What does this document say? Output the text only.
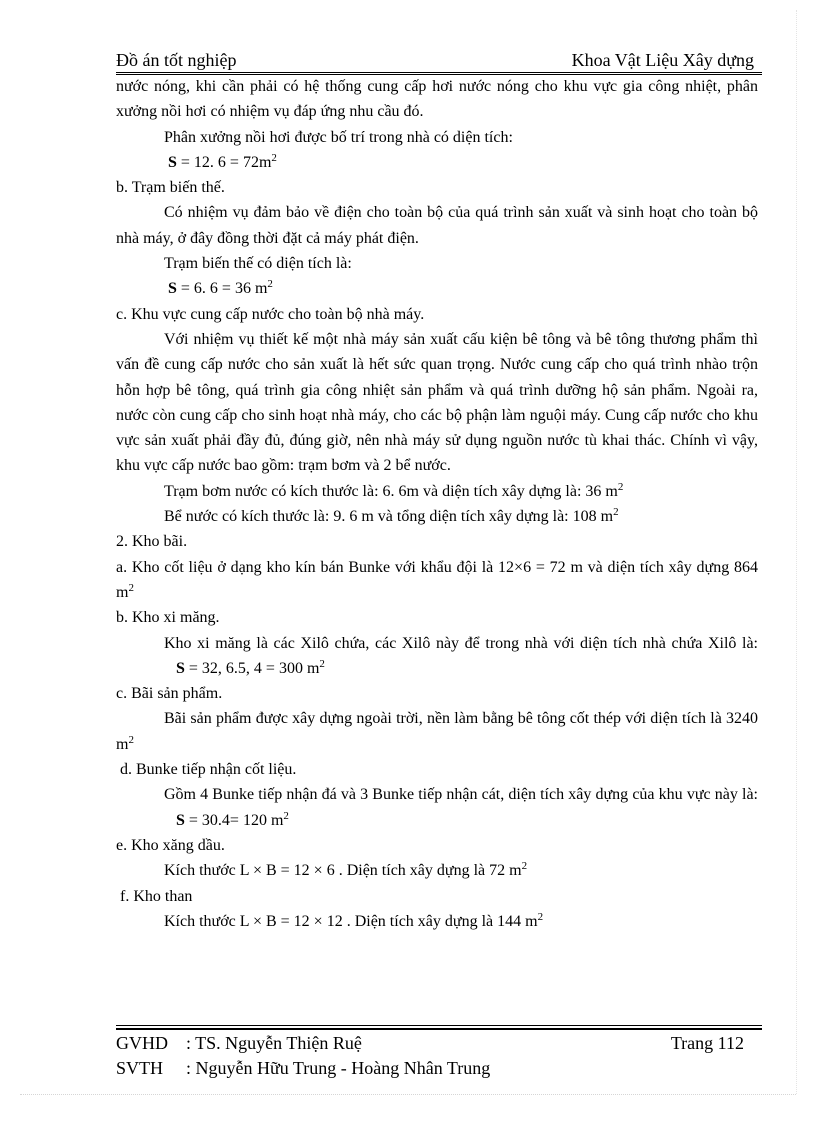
Đồ án tốt nghiệp	Khoa Vật Liệu Xây dựng

nước nóng, khi cần phải có hệ thống cung cấp hơi nước nóng cho khu vực gia công nhiệt, phân xưởng nồi hơi có nhiệm vụ đáp ứng nhu cầu đó.

Phân xưởng nồi hơi được bố trí trong nhà có diện tích:

S = 12. $6 = 72m^2$

b. Trạm biến thế.

Có nhiệm vụ đảm bảo về điện cho toàn bộ của quá trình sản xuất và sinh hoạt cho toàn bộ nhà máy, ở đây đồng thời đặt cả máy phát điện.

Trạm biến thế có diện tích là:

S = 6. 6 = 36 $m^2$

c. Khu vực cung cấp nước cho toàn bộ nhà máy.

Với nhiệm vụ thiết kế một nhà máy sản xuất cấu kiện bê tông và bê tông thương phẩm thì vấn đề cung cấp nước cho sản xuất là hết sức quan trọng. Nước cung cấp cho quá trình nhào trộn hỗn hợp bê tông, quá trình gia công nhiệt sản phẩm và quá trình dưỡng hộ sản phẩm. Ngoài ra, nước còn cung cấp cho sinh hoạt nhà máy, cho các bộ phận làm nguội máy. Cung cấp nước cho khu vực sản xuất phải đầy đủ, đúng giờ, nên nhà máy sử dụng nguồn nước tù khai thác. Chính vì vậy, khu vực cấp nước bao gồm: trạm bơm và 2 bể nước.

Trạm bơm nước có kích thước là: 6. 6m và diện tích xây dựng là: 36 $m^2$

Bể nước có kích thước là: 9. 6 m và tổng diện tích xây dựng là: 108 $m^2$

2. Kho bãi.

a. Kho cốt liệu ở dạng kho kín bán Bunke với khẩu đội là 12×6 = 72 m và diện tích xây dựng 864 $m^2$

b. Kho xi măng.

Kho xi măng là các Xilô chứa, các Xilô này để trong nhà với diện tích nhà chứa Xilô là:S = 32, 6.5, 4 = 300 $m^2$

c. Bãi sản phẩm.

Bãi sản phẩm được xây dựng ngoài trời, nền làm bằng bê tông cốt thép với diện tích là 3240 $m^2$

d. Bunke tiếp nhận cốt liệu.

Gồm 4 Bunke tiếp nhận đá và 3 Bunke tiếp nhận cát, diện tích xây dựng của khu vực này là:S = 30.4= 120 $m^2$

e. Kho xăng dầu.

Kích thước L × B = 12 × 6 . Diện tích xây dựng là 72 $m^2$

f. Kho than

Kích thước L × B = 12 × 12 . Diện tích xây dựng là 144 $m^2$

GVHD : TS. Nguyễn Thiện Ruệ	Trang 112
SVTH : Nguyễn Hữu Trung - Hoàng Nhân Trung
